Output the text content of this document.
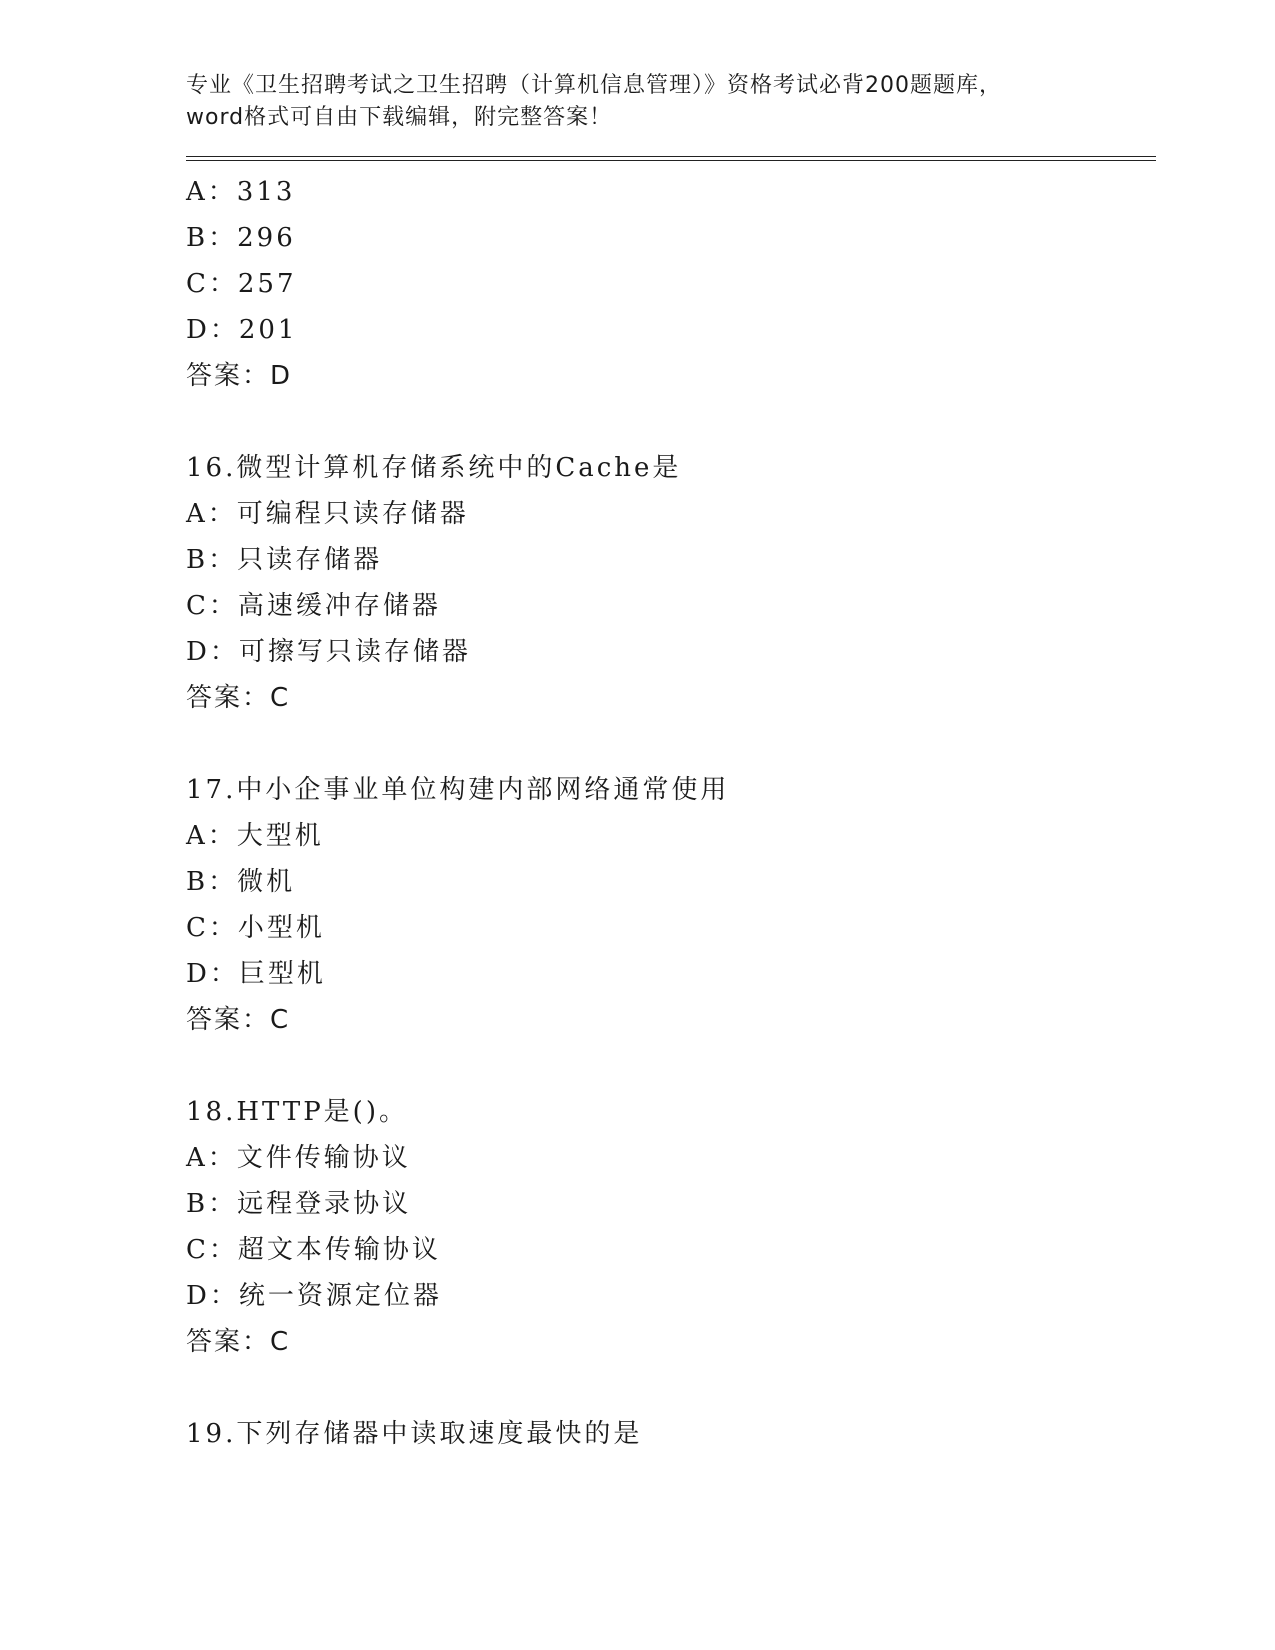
专业《卫生招聘考试之卫生招聘（计算机信息管理）》资格考试必背200题题库，
word格式可自由下载编辑，附完整答案！
A：313
B：296
C：257
D：201
答案：D
16.微型计算机存储系统中的Cache是
A：可编程只读存储器
B：只读存储器
C：高速缓冲存储器
D：可擦写只读存储器
答案：C
17.中小企事业单位构建内部网络通常使用
A：大型机
B：微机
C：小型机
D：巨型机
答案：C
18.HTTP是()。
A：文件传输协议
B：远程登录协议
C：超文本传输协议
D：统一资源定位器
答案：C
19.下列存储器中读取速度最快的是
